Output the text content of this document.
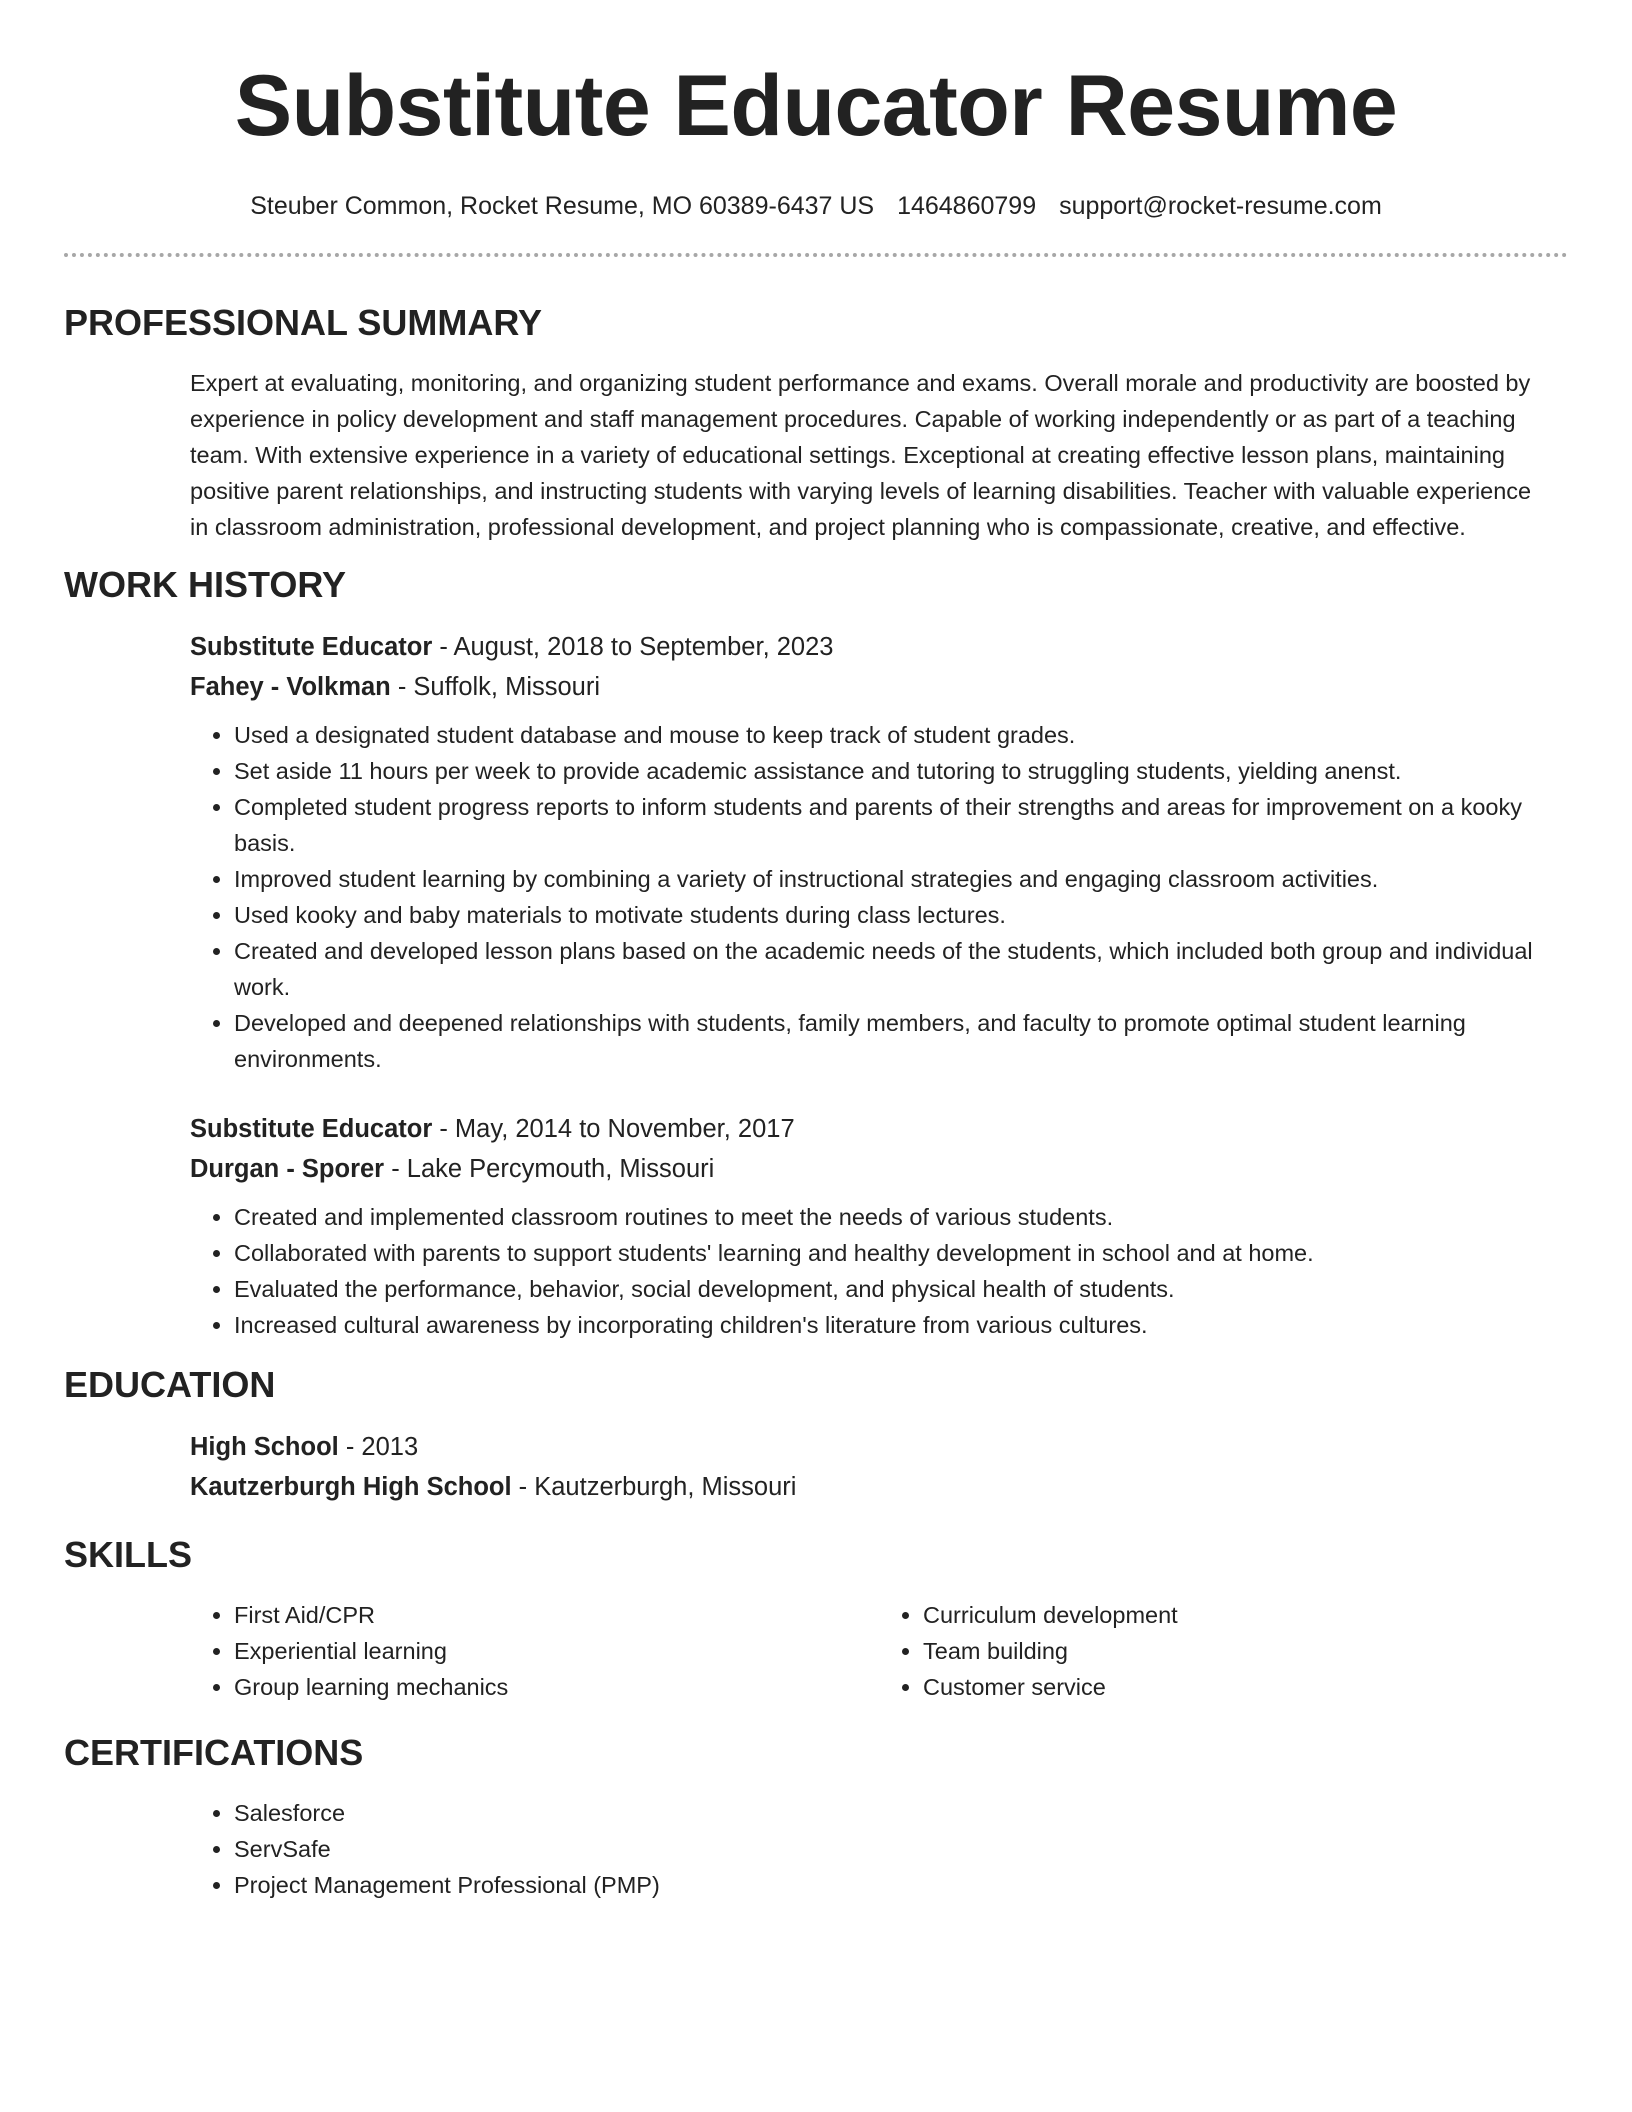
Substitute Educator Resume
Steuber Common, Rocket Resume, MO 60389-6437 US 1464860799 support@rocket-resume.com
PROFESSIONAL SUMMARY

Expert at evaluating, monitoring, and organizing student performance and exams. Overall morale and productivity are boosted by experience in policy development and staff management procedures. Capable of working independently or as part of a teaching team. With extensive experience in a variety of educational settings. Exceptional at creating effective lesson plans, maintaining positive parent relationships, and instructing students with varying levels of learning disabilities. Teacher with valuable experience in classroom administration, professional development, and project planning who is compassionate, creative, and effective.

WORK HISTORY
Substitute Educator - August, 2018 to September, 2023
Fahey - Volkman - Suffolk, Missouri
• Used a designated student database and mouse to keep track of student grades.
• Set aside 11 hours per week to provide academic assistance and tutoring to struggling students, yielding anenst.
• Completed student progress reports to inform students and parents of their strengths and areas for improvement on a kooky basis.
• Improved student learning by combining a variety of instructional strategies and engaging classroom activities.
• Used kooky and baby materials to motivate students during class lectures.
• Created and developed lesson plans based on the academic needs of the students, which included both group and individual work.
• Developed and deepened relationships with students, family members, and faculty to promote optimal student learning environments.
Substitute Educator - May, 2014 to November, 2017
Durgan - Sporer - Lake Percymouth, Missouri
• Created and implemented classroom routines to meet the needs of various students.
• Collaborated with parents to support students' learning and healthy development in school and at home.
• Evaluated the performance, behavior, social development, and physical health of students.
• Increased cultural awareness by incorporating children's literature from various cultures.
EDUCATION
High School - 2013
Kautzerburgh High School - Kautzerburgh, Missouri
SKILLS
• First Aid/CPR
• Experiential learning
• Group learning mechanics
• Curriculum development
• Team building
• Customer service
CERTIFICATIONS
• Salesforce
• ServSafe
• Project Management Professional (PMP)
